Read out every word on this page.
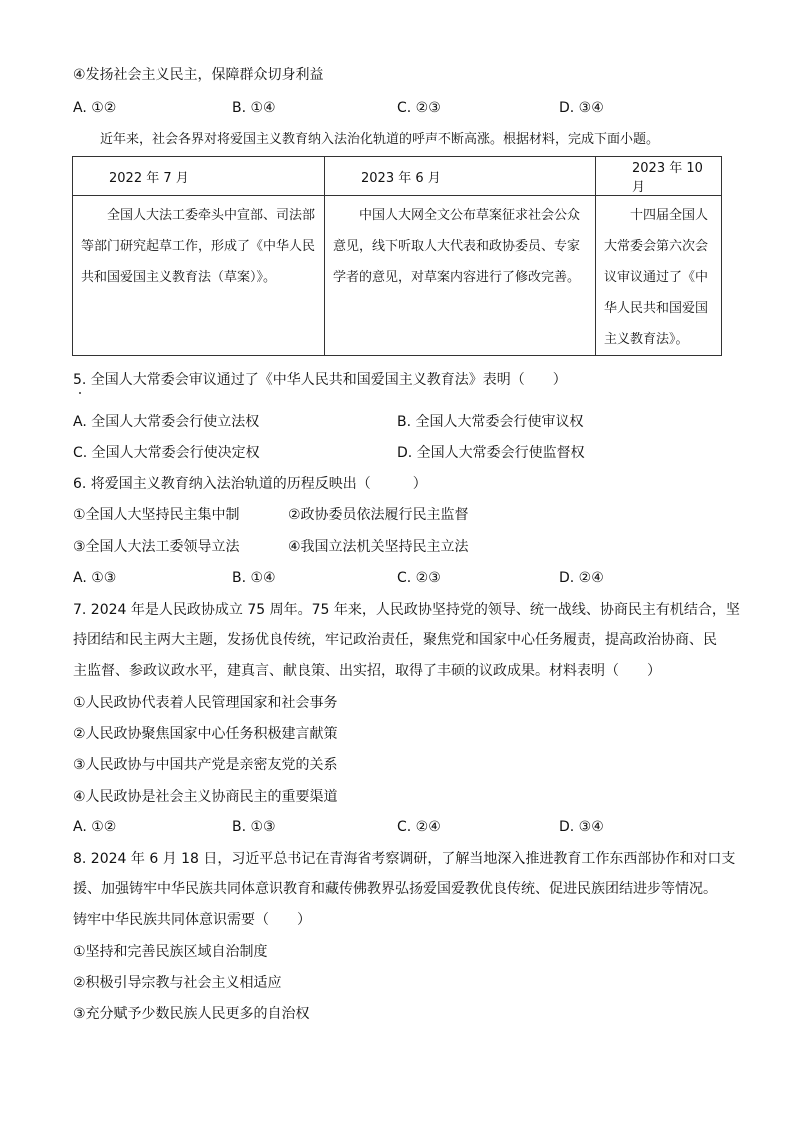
④发扬社会主义民主，保障群众切身利益
A. ①②	B. ①④	C. ②③	D. ③④
近年来，社会各界对将爱国主义教育纳入法治化轨道的呼声不断高涨。根据材料，完成下面小题。
2022 年 7 月	2023 年 6 月	2023 年 10 月
全国人大法工委牵头中宣部、司法部等部门研究起草工作，形成了《中华人民共和国爱国主义教育法（草案）》。	中国人大网全文公布草案征求社会公众意见，线下听取人大代表和政协委员、专家学者的意见，对草案内容进行了修改完善。	十四届全国人大常委会第六次会议审议通过了《中华人民共和国爱国主义教育法》。
5. 全国人大常委会审议通过了《中华人民共和国爱国主义教育法》表明（　　）
A. 全国人大常委会行使立法权	B. 全国人大常委会行使审议权
C. 全国人大常委会行使决定权	D. 全国人大常委会行使监督权
6. 将爱国主义教育纳入法治轨道的历程反映出（　　　）
①全国人大坚持民主集中制	②政协委员依法履行民主监督
③全国人大法工委领导立法	④我国立法机关坚持民主立法
A. ①③	B. ①④	C. ②③	D. ②④
7. 2024 年是人民政协成立 75 周年。75 年来，人民政协坚持党的领导、统一战线、协商民主有机结合，坚
持团结和民主两大主题，发扬优良传统，牢记政治责任，聚焦党和国家中心任务履责，提高政治协商、民
主监督、参政议政水平，建真言、献良策、出实招，取得了丰硕的议政成果。材料表明（　　）
①人民政协代表着人民管理国家和社会事务
②人民政协聚焦国家中心任务积极建言献策
③人民政协与中国共产党是亲密友党的关系
④人民政协是社会主义协商民主的重要渠道
A. ①②	B. ①③	C. ②④	D. ③④
8. 2024 年 6 月 18 日，习近平总书记在青海省考察调研，了解当地深入推进教育工作东西部协作和对口支
援、加强铸牢中华民族共同体意识教育和藏传佛教界弘扬爱国爱教优良传统、促进民族团结进步等情况。
铸牢中华民族共同体意识需要（　　）
①坚持和完善民族区域自治制度
②积极引导宗教与社会主义相适应
③充分赋予少数民族人民更多的自治权
